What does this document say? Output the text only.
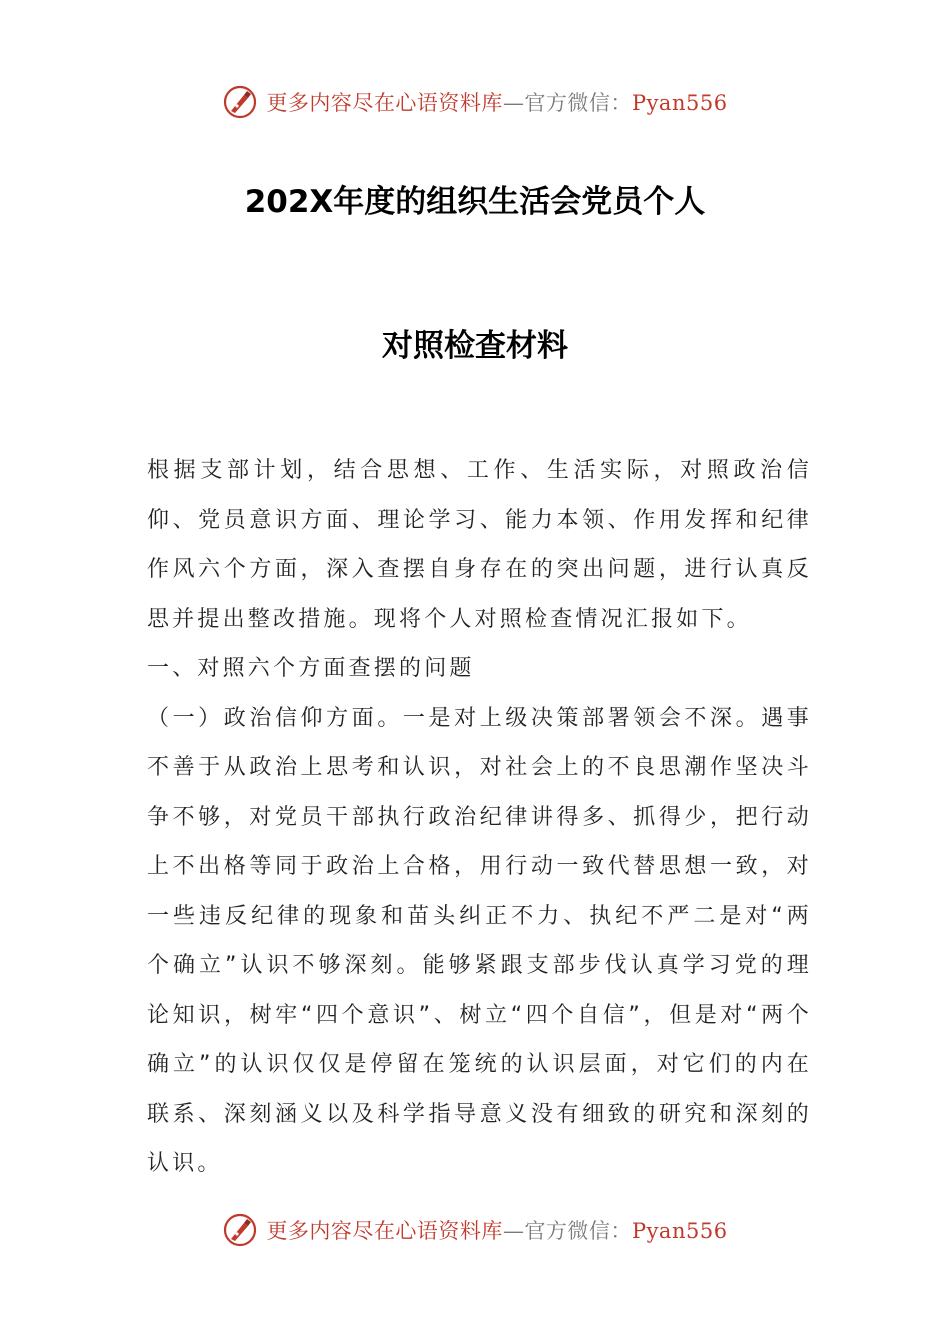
更多内容尽在心语资料库—官方微信：Pyan556
202X年度的组织生活会党员个人
对照检查材料

根据支部计划，结合思想、工作、生活实际，对照政治信仰、党员意识方面、理论学习、能力本领、作用发挥和纪律作风六个方面，深入查摆自身存在的突出问题，进行认真反思并提出整改措施。现将个人对照检查情况汇报如下。

一、对照六个方面查摆的问题

（一）政治信仰方面。一是对上级决策部署领会不深。遇事不善于从政治上思考和认识，对社会上的不良思潮作坚决斗争不够，对党员干部执行政治纪律讲得多、抓得少，把行动上不出格等同于政治上合格，用行动一致代替思想一致，对一些违反纪律的现象和苗头纠正不力、执纪不严二是对“两个确立”认识不够深刻。能够紧跟支部步伐认真学习党的理论知识，树牢“四个意识”、树立“四个自信”，但是对“两个确立”的认识仅仅是停留在笼统的认识层面，对它们的内在联系、深刻涵义以及科学指导意义没有细致的研究和深刻的认识。

更多内容尽在心语资料库—官方微信：Pyan556
